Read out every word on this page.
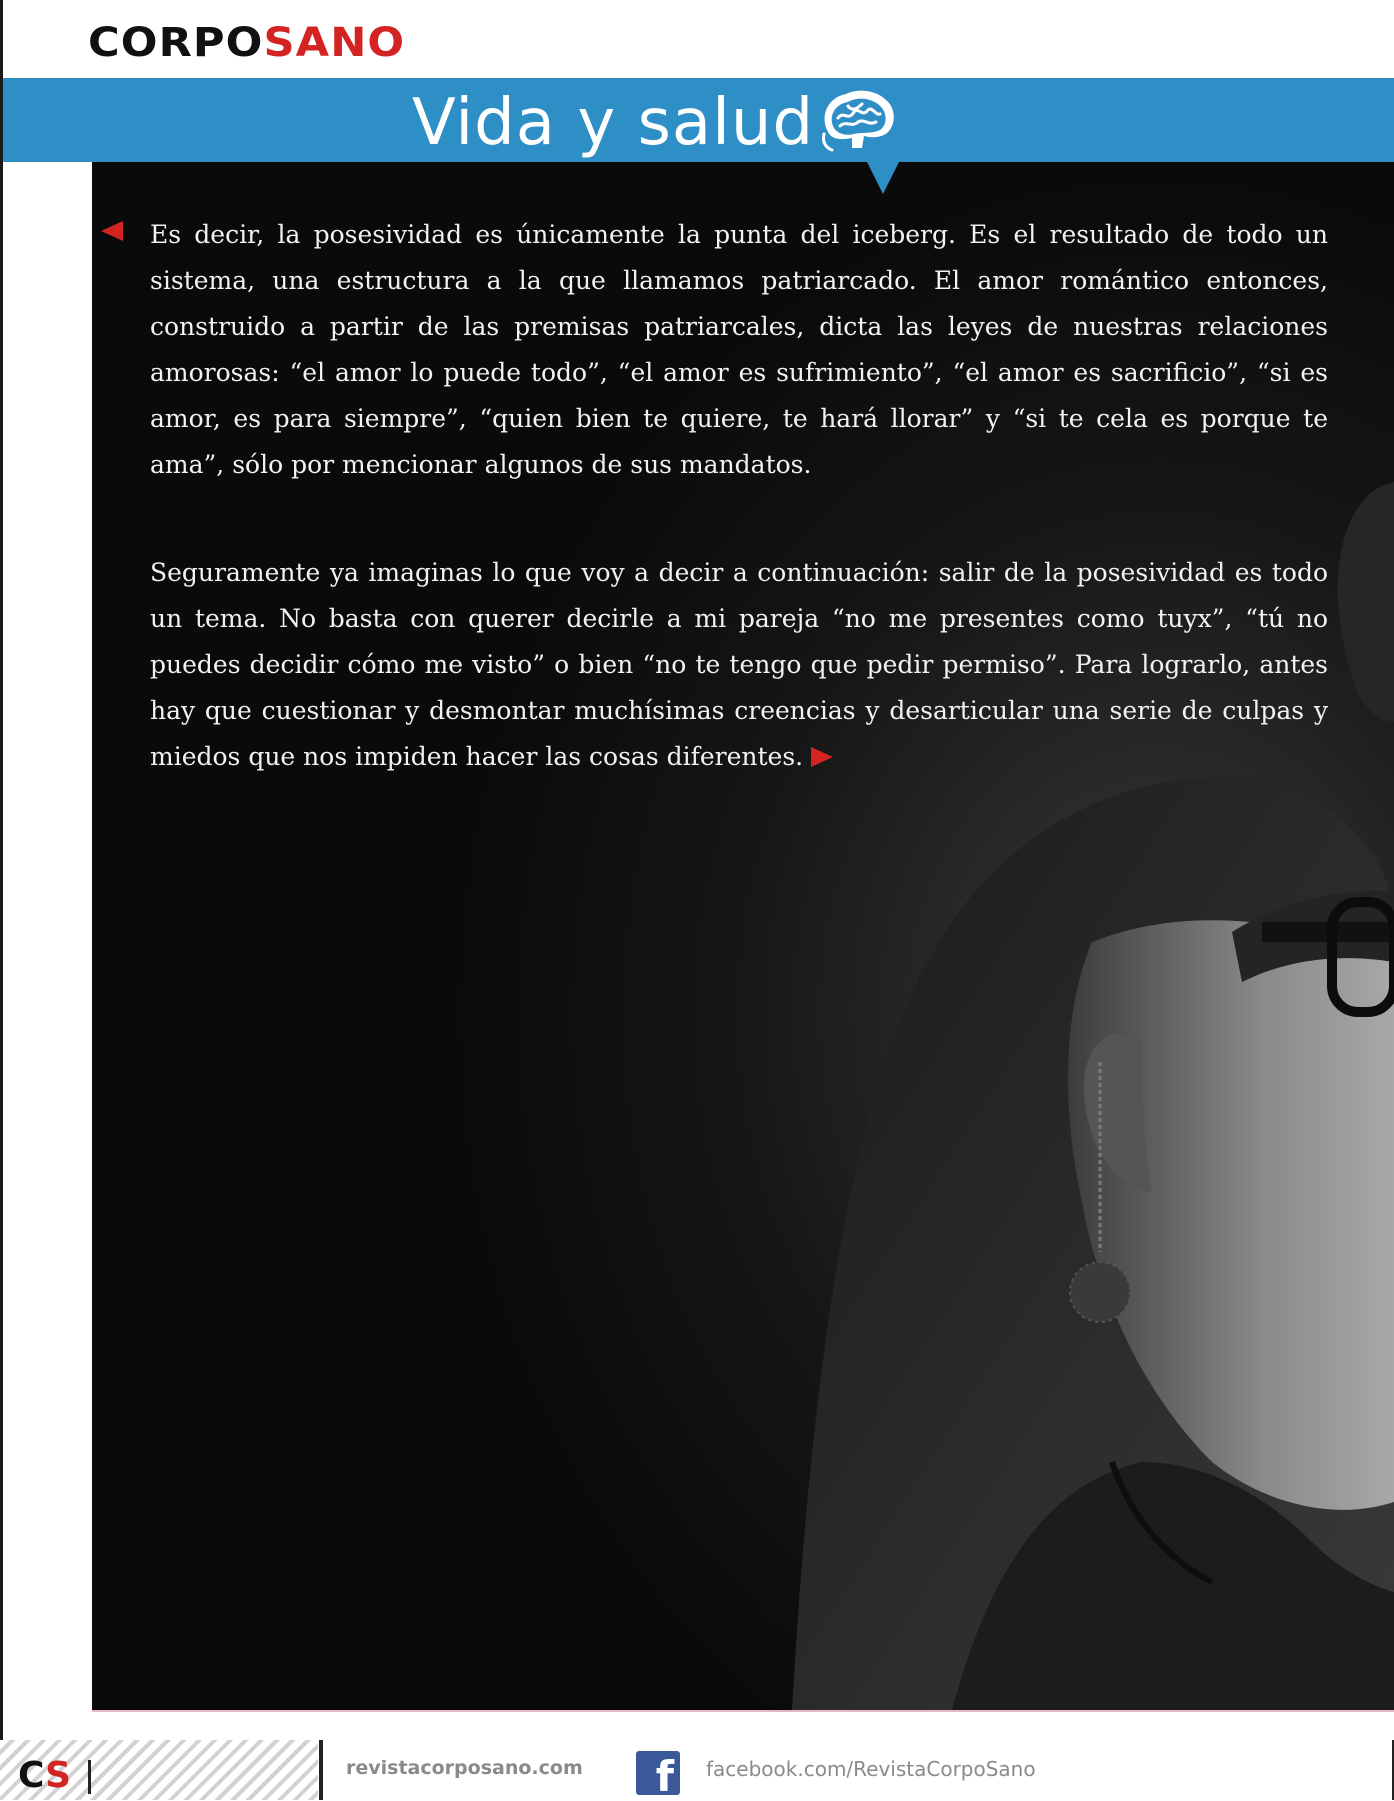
CORPOSANO
Vida y salud

Es decir, la posesividad es únicamente la punta del iceberg. Es el resultado de todo un sistema, una estructura a la que llamamos patriarcado. El amor romántico entonces, construido a partir de las premisas patriarcales, dicta las leyes de nuestras relaciones amorosas: “el amor lo puede todo”, “el amor es sufrimiento”, “el amor es sacrificio”, “si es amor, es para siempre”, “quien bien te quiere, te hará llorar” y “si te cela es porque te ama”, sólo por mencionar algunos de sus mandatos.

Seguramente ya imaginas lo que voy a decir a continuación: salir de la posesividad es todo un tema. No basta con querer decirle a mi pareja “no me presentes como tuyx”, “tú no puedes decidir cómo me visto” o bien “no te tengo que pedir permiso”. Para lograrlo, antes hay que cuestionar y desmontar muchísimas creencias y desarticular una serie de culpas y miedos que nos impiden hacer las cosas diferentes.

CS	revistacorposano.com f facebook.com/RevistaCorpoSano
